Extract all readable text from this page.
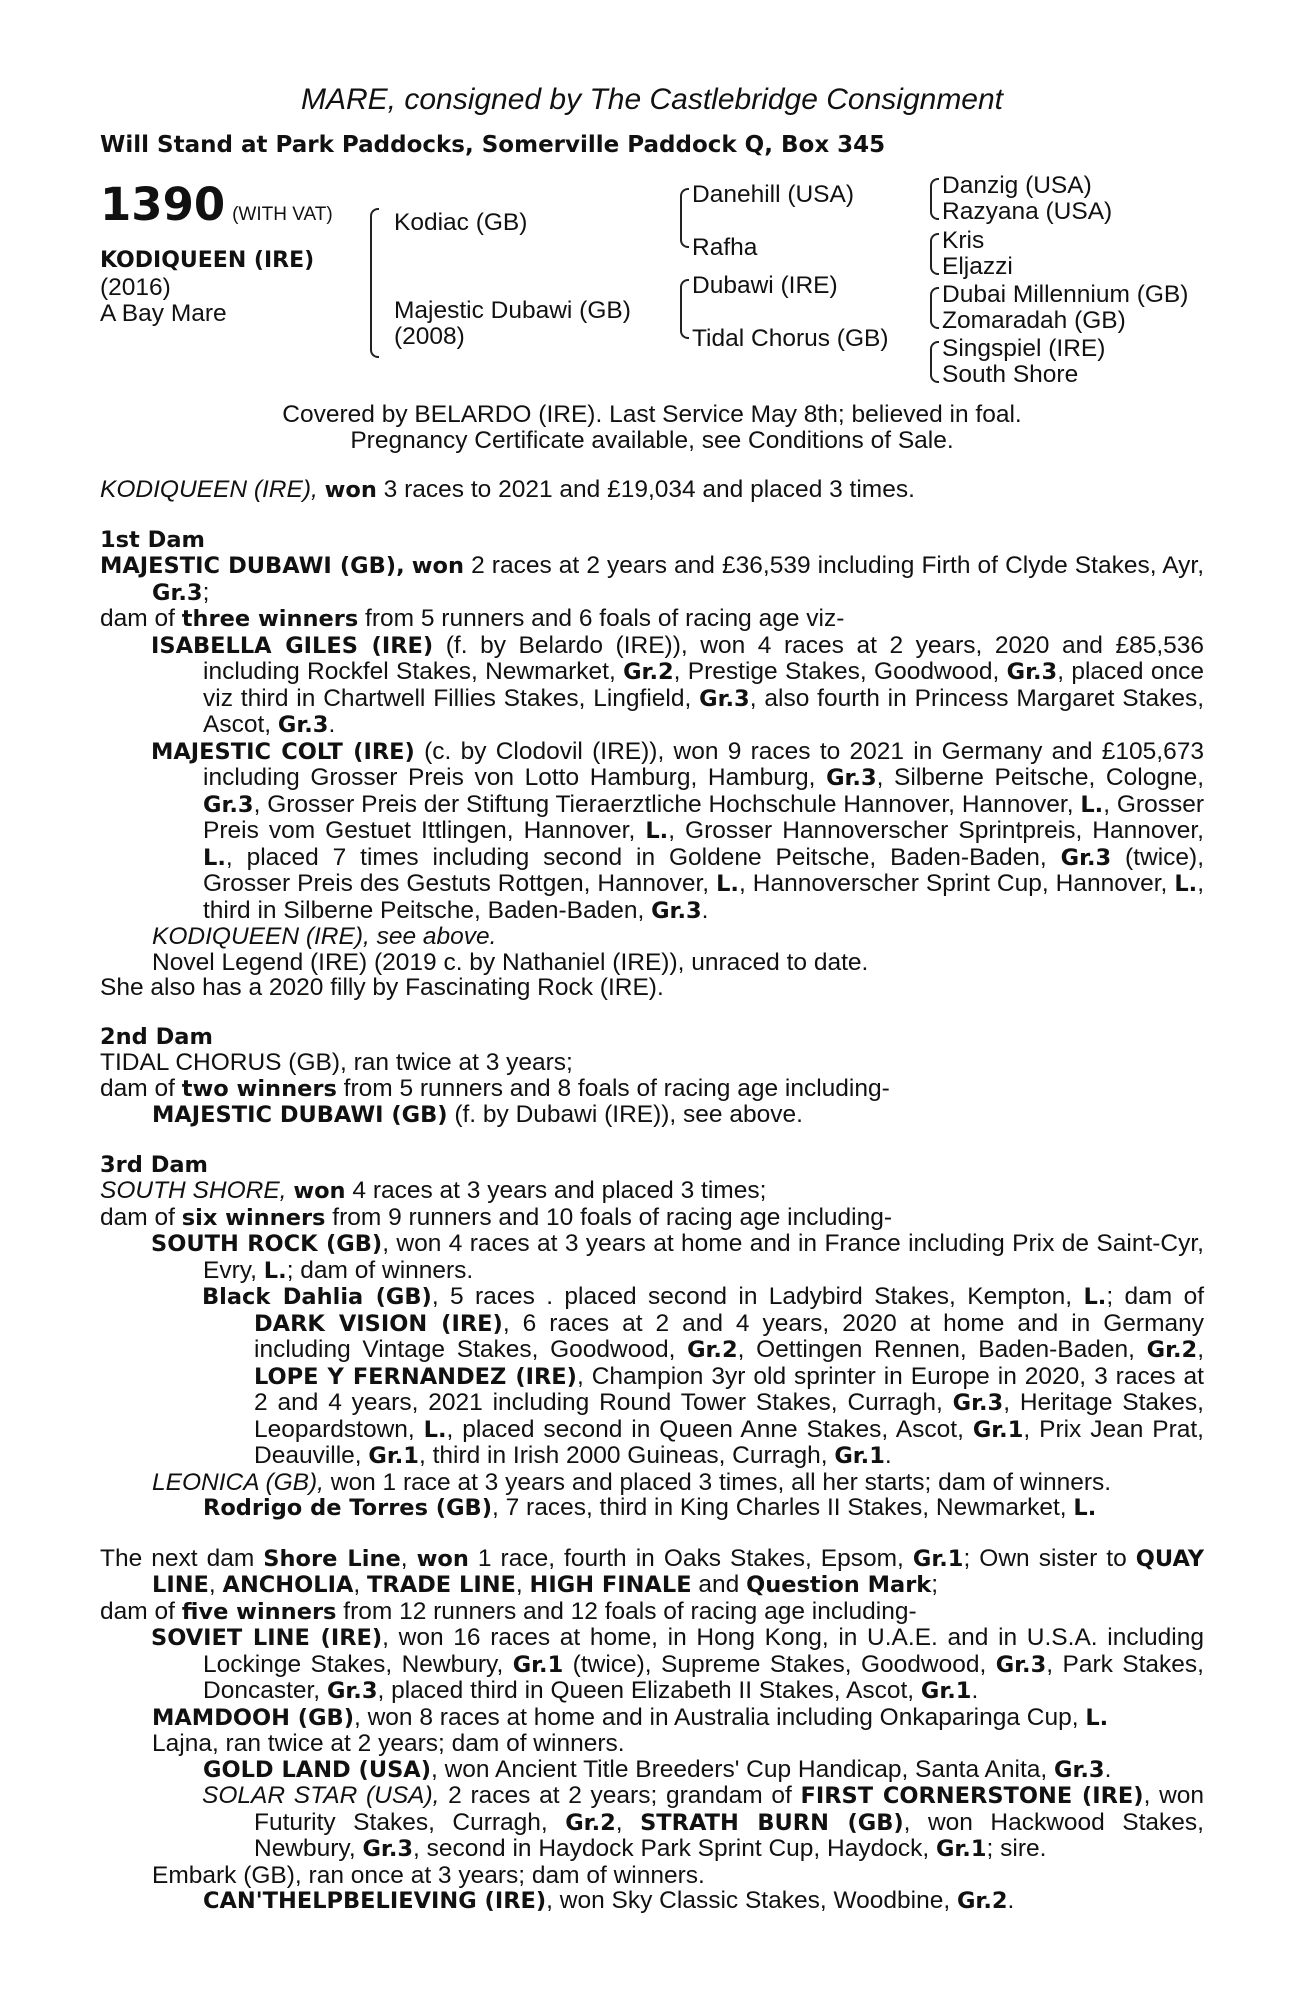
MARE, consigned by The Castlebridge Consignment
Will Stand at Park Paddocks, Somerville Paddock Q, Box 345
1390 (WITH VAT)
KODIQUEEN (IRE)
(2016)
A Bay Mare
Kodiac (GB)
Majestic Dubawi (GB)
(2008)
Danehill (USA)
Rafha
Dubawi (IRE)
Tidal Chorus (GB)
Danzig (USA)
Razyana (USA)
Kris
Eljazzi
Dubai Millennium (GB)
Zomaradah (GB)
Singspiel (IRE)
South Shore
Covered by BELARDO (IRE). Last Service May 8th; believed in foal.
Pregnancy Certificate available, see Conditions of Sale.

KODIQUEEN (IRE), won 3 races to 2021 and £19,034 and placed 3 times.

1st Dam

MAJESTIC DUBAWI (GB), won 2 races at 2 years and £36,539 including Firth of Clyde Stakes, Ayr, Gr.3;

dam of three winners from 5 runners and 6 foals of racing age viz-

ISABELLA GILES (IRE) (f. by Belardo (IRE)), won 4 races at 2 years, 2020 and £85,536 including Rockfel Stakes, Newmarket, Gr.2, Prestige Stakes, Goodwood, Gr.3, placed once viz third in Chartwell Fillies Stakes, Lingfield, Gr.3, also fourth in Princess Margaret Stakes, Ascot, Gr.3.

MAJESTIC COLT (IRE) (c. by Clodovil (IRE)), won 9 races to 2021 in Germany and £105,673 including Grosser Preis von Lotto Hamburg, Hamburg, Gr.3, Silberne Peitsche, Cologne, Gr.3, Grosser Preis der Stiftung Tieraerztliche Hochschule Hannover, Hannover, L., Grosser Preis vom Gestuet Ittlingen, Hannover, L., Grosser Hannoverscher Sprintpreis, Hannover, L., placed 7 times including second in Goldene Peitsche, Baden-Baden, Gr.3 (twice), Grosser Preis des Gestuts Rottgen, Hannover, L., Hannoverscher Sprint Cup, Hannover, L., third in Silberne Peitsche, Baden-Baden, Gr.3.

KODIQUEEN (IRE), see above.

Novel Legend (IRE) (2019 c. by Nathaniel (IRE)), unraced to date.

She also has a 2020 filly by Fascinating Rock (IRE).

2nd Dam

TIDAL CHORUS (GB), ran twice at 3 years;

dam of two winners from 5 runners and 8 foals of racing age including-

MAJESTIC DUBAWI (GB) (f. by Dubawi (IRE)), see above.

3rd Dam

SOUTH SHORE, won 4 races at 3 years and placed 3 times;

dam of six winners from 9 runners and 10 foals of racing age including-

SOUTH ROCK (GB), won 4 races at 3 years at home and in France including Prix de Saint-Cyr, Evry, L.; dam of winners.

Black Dahlia (GB), 5 races . placed second in Ladybird Stakes, Kempton, L.; dam of DARK VISION (IRE), 6 races at 2 and 4 years, 2020 at home and in Germany including Vintage Stakes, Goodwood, Gr.2, Oettingen Rennen, Baden-Baden, Gr.2, LOPE Y FERNANDEZ (IRE), Champion 3yr old sprinter in Europe in 2020, 3 races at 2 and 4 years, 2021 including Round Tower Stakes, Curragh, Gr.3, Heritage Stakes, Leopardstown, L., placed second in Queen Anne Stakes, Ascot, Gr.1, Prix Jean Prat, Deauville, Gr.1, third in Irish 2000 Guineas, Curragh, Gr.1.

LEONICA (GB), won 1 race at 3 years and placed 3 times, all her starts; dam of winners.

Rodrigo de Torres (GB), 7 races, third in King Charles II Stakes, Newmarket, L.

The next dam Shore Line, won 1 race, fourth in Oaks Stakes, Epsom, Gr.1; Own sister to QUAY LINE, ANCHOLIA, TRADE LINE, HIGH FINALE and Question Mark;

dam of five winners from 12 runners and 12 foals of racing age including-

SOVIET LINE (IRE), won 16 races at home, in Hong Kong, in U.A.E. and in U.S.A. including Lockinge Stakes, Newbury, Gr.1 (twice), Supreme Stakes, Goodwood, Gr.3, Park Stakes, Doncaster, Gr.3, placed third in Queen Elizabeth II Stakes, Ascot, Gr.1.

MAMDOOH (GB), won 8 races at home and in Australia including Onkaparinga Cup, L.

Lajna, ran twice at 2 years; dam of winners.

GOLD LAND (USA), won Ancient Title Breeders' Cup Handicap, Santa Anita, Gr.3.

SOLAR STAR (USA), 2 races at 2 years; grandam of FIRST CORNERSTONE (IRE), won Futurity Stakes, Curragh, Gr.2, STRATH BURN (GB), won Hackwood Stakes, Newbury, Gr.3, second in Haydock Park Sprint Cup, Haydock, Gr.1; sire.

Embark (GB), ran once at 3 years; dam of winners.

CAN'THELPBELIEVING (IRE), won Sky Classic Stakes, Woodbine, Gr.2.
